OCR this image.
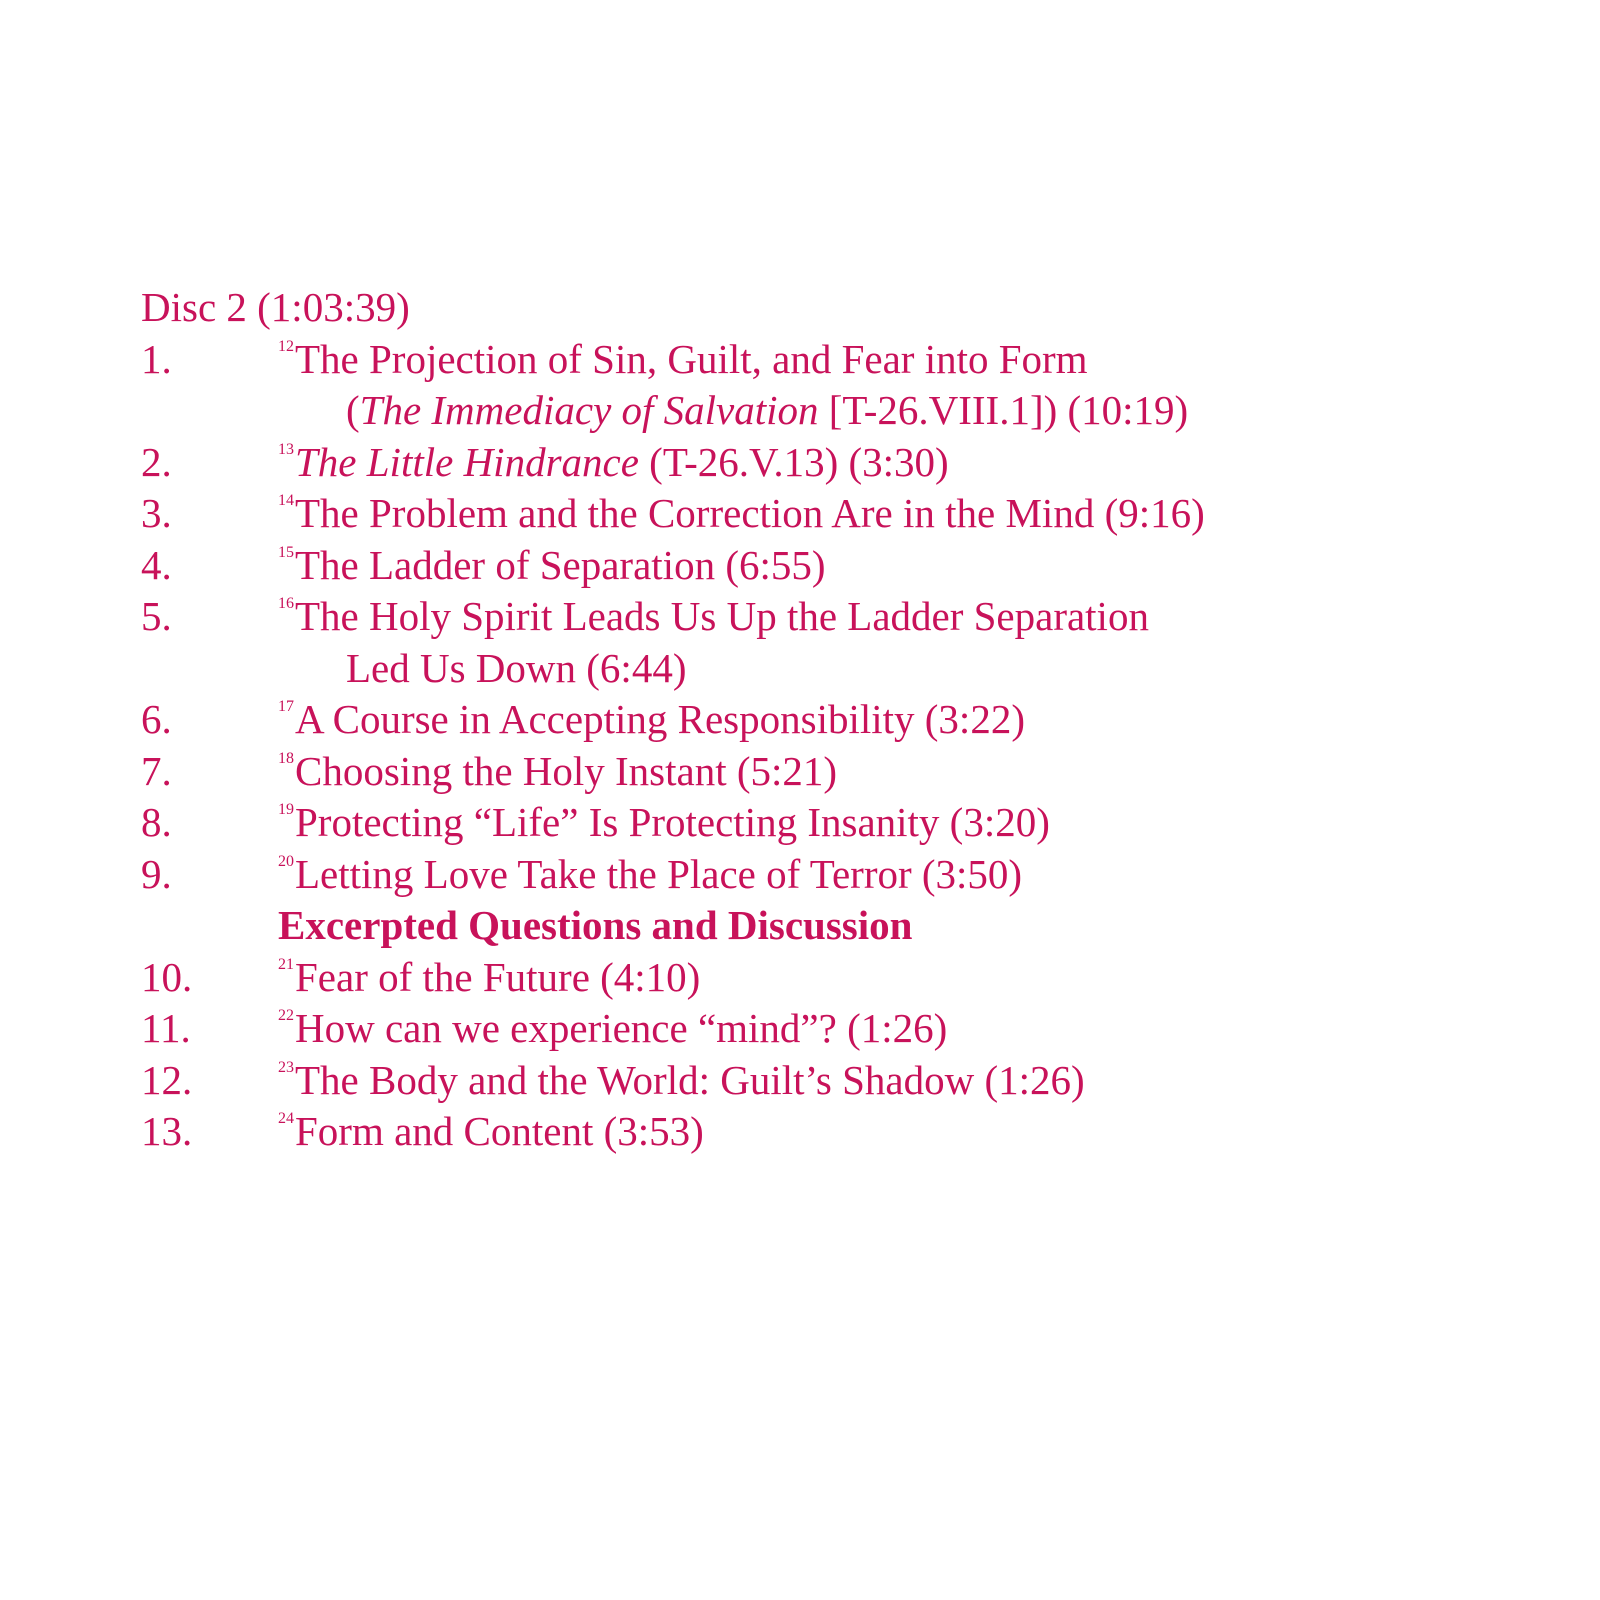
Disc 2 (1:03:39)
1.	$^{12}$The Projection of Sin, Guilt, and Fear into Form
(The Immediacy of Salvation [T-26.VIII.1]) (10:19)
2.	$^{13}$The Little Hindrance (T-26.V.13) (3:30)
3.	$^{14}$The Problem and the Correction Are in the Mind (9:16)
4.	$^{15}$The Ladder of Separation (6:55)
5.	$^{16}$The Holy Spirit Leads Us Up the Ladder Separation
Led Us Down (6:44)
6.	$^{17}$A Course in Accepting Responsibility (3:22)
7.	$^{18}$Choosing the Holy Instant (5:21)
8.	$^{19}$Protecting “Life” Is Protecting Insanity (3:20)
9.	$^{20}$Letting Love Take the Place of Terror (3:50)
Excerpted Questions and Discussion
10.	$^{21}$Fear of the Future (4:10)
11.	$^{22}$How can we experience “mind”? (1:26)
12.	$^{23}$The Body and the World: Guilt’s Shadow (1:26)
13.	$^{24}$Form and Content (3:53)
